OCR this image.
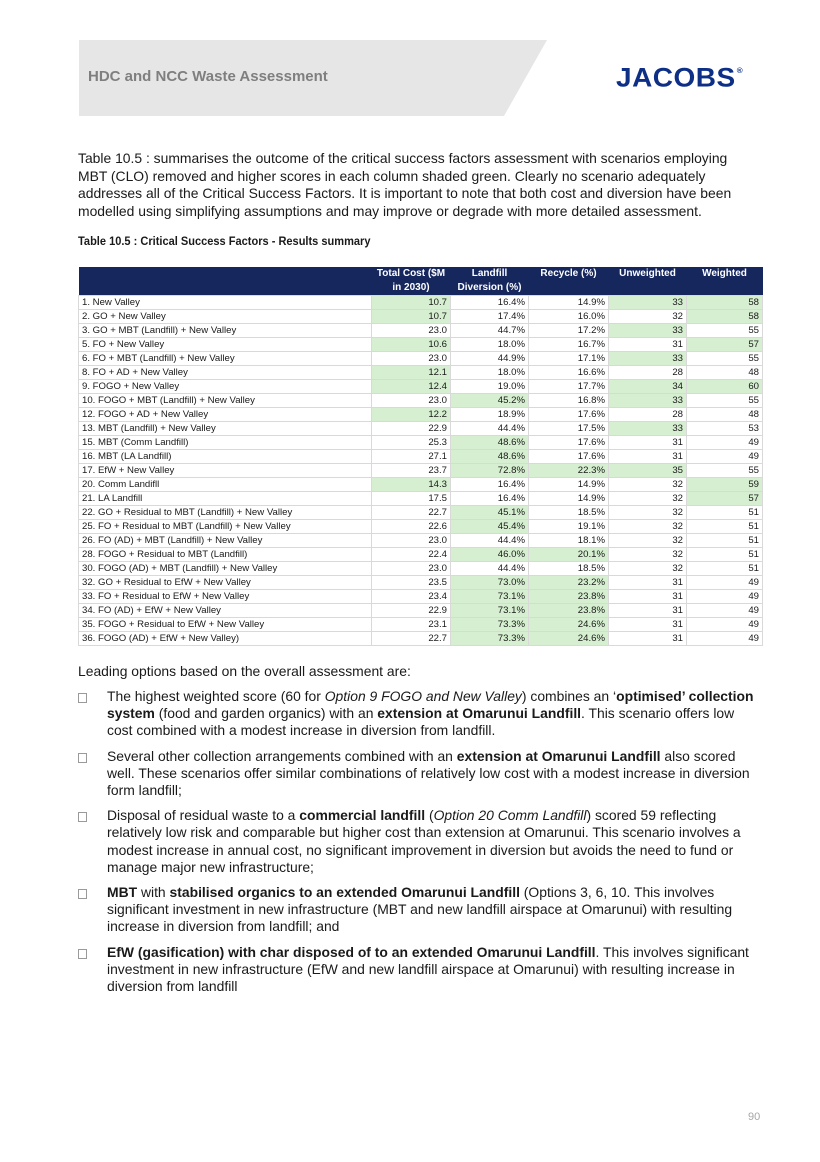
HDC and NCC Waste Assessment	JACOBS®

Table 10.5 : summarises the outcome of the critical success factors assessment with scenarios employing MBT (CLO) removed and higher scores in each column shaded green. Clearly no scenario adequately addresses all of the Critical Success Factors. It is important to note that both cost and diversion have been modelled using simplifying assumptions and may improve or degrade with more detailed assessment.

Table 10.5 : Critical Success Factors - Results summary
	Total Cost ($M in 2030)	Landfill Diversion (%)	Recycle (%)	Unweighted	Weighted
1. New Valley	10.7	16.4%	14.9%	33	58
2. GO + New Valley	10.7	17.4%	16.0%	32	58
3. GO + MBT (Landfill) + New Valley	23.0	44.7%	17.2%	33	55
5. FO + New Valley	10.6	18.0%	16.7%	31	57
6. FO + MBT (Landfill) + New Valley	23.0	44.9%	17.1%	33	55
8. FO + AD + New Valley	12.1	18.0%	16.6%	28	48
9. FOGO + New Valley	12.4	19.0%	17.7%	34	60
10. FOGO + MBT (Landfill) + New Valley	23.0	45.2%	16.8%	33	55
12. FOGO + AD + New Valley	12.2	18.9%	17.6%	28	48
13. MBT (Landfill) + New Valley	22.9	44.4%	17.5%	33	53
15. MBT (Comm Landfill)	25.3	48.6%	17.6%	31	49
16. MBT (LA Landfill)	27.1	48.6%	17.6%	31	49
17. EfW + New Valley	23.7	72.8%	22.3%	35	55
20. Comm Landifll	14.3	16.4%	14.9%	32	59
21. LA Landfill	17.5	16.4%	14.9%	32	57
22. GO + Residual to MBT (Landfill) + New Valley	22.7	45.1%	18.5%	32	51
25. FO + Residual to MBT (Landfill) + New Valley	22.6	45.4%	19.1%	32	51
26. FO (AD) + MBT (Landfill) + New Valley	23.0	44.4%	18.1%	32	51
28. FOGO + Residual to MBT (Landfill)	22.4	46.0%	20.1%	32	51
30. FOGO (AD) + MBT (Landfill) + New Valley	23.0	44.4%	18.5%	32	51
32. GO + Residual to EfW + New Valley	23.5	73.0%	23.2%	31	49
33. FO + Residual to EfW + New Valley	23.4	73.1%	23.8%	31	49
34. FO (AD) + EfW + New Valley	22.9	73.1%	23.8%	31	49
35. FOGO + Residual to EfW + New Valley	23.1	73.3%	24.6%	31	49
36. FOGO (AD) + EfW + New Valley)	22.7	73.3%	24.6%	31	49
Leading options based on the overall assessment are:
The highest weighted score (60 for Option 9 FOGO and New Valley) combines an ‘optimised’ collection system (food and garden organics) with an extension at Omarunui Landfill. This scenario offers low cost combined with a modest increase in diversion from landfill.
Several other collection arrangements combined with an extension at Omarunui Landfill also scored well. These scenarios offer similar combinations of relatively low cost with a modest increase in diversion form landfill;
Disposal of residual waste to a commercial landfill (Option 20 Comm Landfill) scored 59 reflecting relatively low risk and comparable but higher cost than extension at Omarunui. This scenario involves a modest increase in annual cost, no significant improvement in diversion but avoids the need to fund or manage major new infrastructure;
MBT with stabilised organics to an extended Omarunui Landfill (Options 3, 6, 10. This involves significant investment in new infrastructure (MBT and new landfill airspace at Omarunui) with resulting increase in diversion from landfill; and
EfW (gasification) with char disposed of to an extended Omarunui Landfill. This involves significant investment in new infrastructure (EfW and new landfill airspace at Omarunui) with resulting increase in diversion from landfill
90
